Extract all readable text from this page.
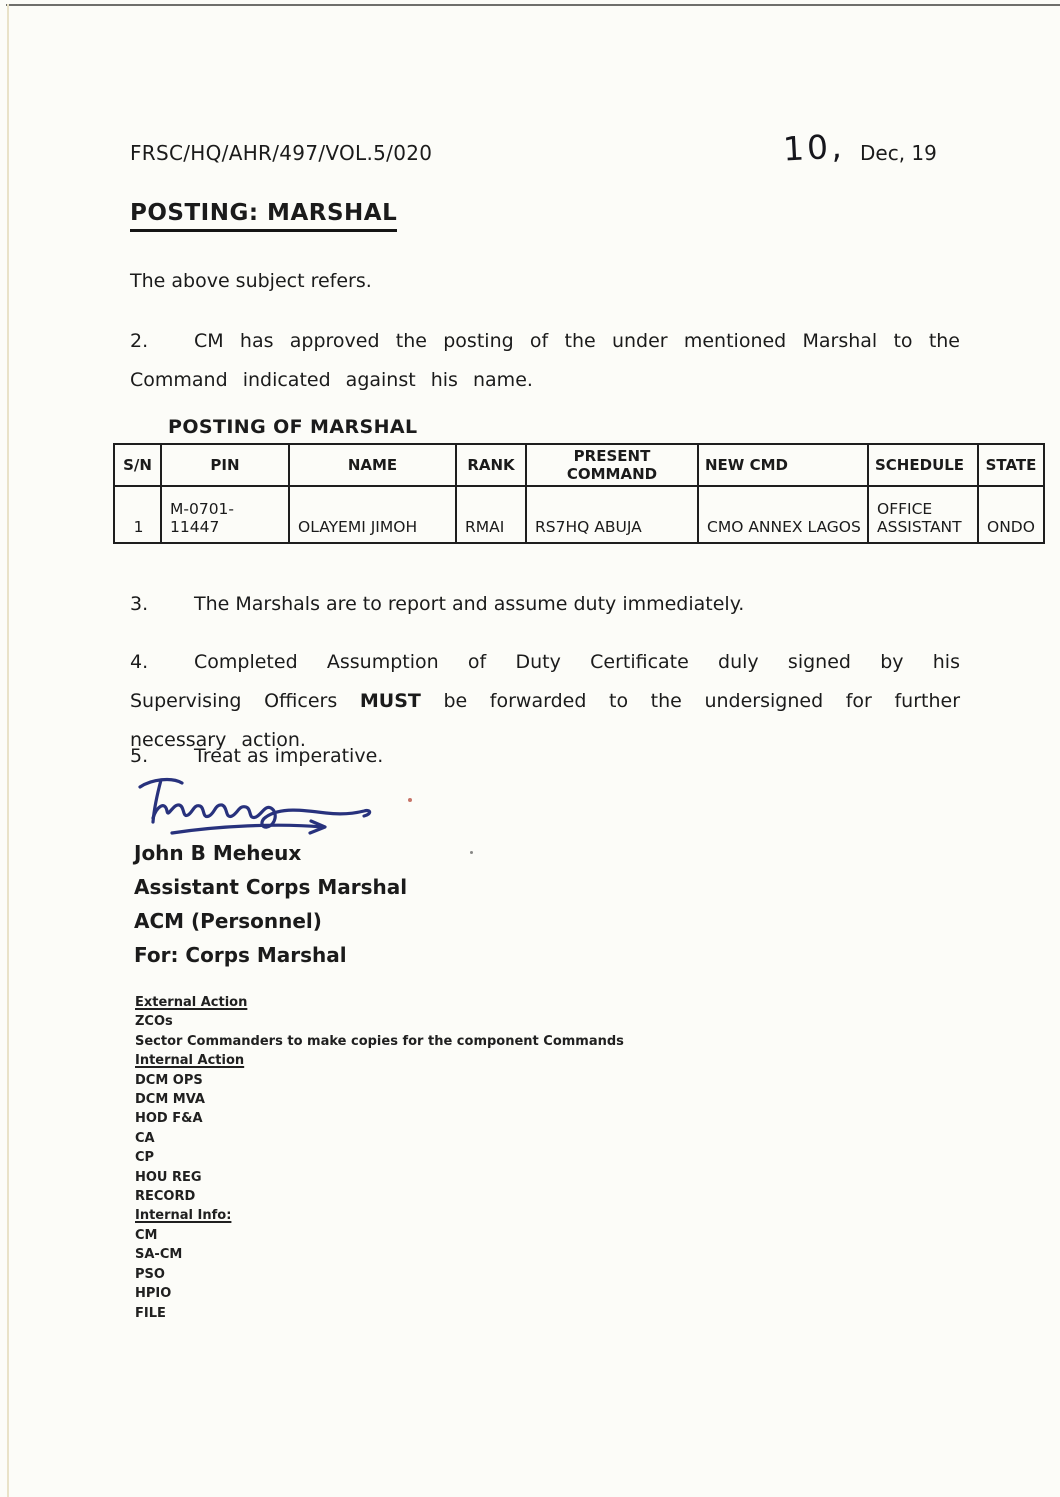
FRSC/HQ/AHR/497/VOL.5/020	10, Dec, 19
POSTING: MARSHAL

The above subject refers.

2. CM has approved the posting of the under mentioned Marshal to the Command indicated against his name.

POSTING OF MARSHAL
S/N	PIN	NAME	RANK	PRESENT COMMAND	NEW CMD	SCHEDULE	STATE
1	M-0701-11447	OLAYEMI JIMOH	RMAI	RS7HQ ABUJA	CMO ANNEX LAGOS	OFFICE ASSISTANT	ONDO

3. The Marshals are to report and assume duty immediately.

4. Completed Assumption of Duty Certificate duly signed by his Supervising Officers MUST be forwarded to the undersigned for further necessary action.

5. Treat as imperative.

John B Meheux
Assistant Corps Marshal
ACM (Personnel)
For: Corps Marshal
External Action
ZCOs
Sector Commanders to make copies for the component Commands
Internal Action
DCM OPS
DCM MVA
HOD F&A
CA
CP
HOU REG
RECORD
Internal Info:
CM
SA-CM
PSO
HPIO
FILE
